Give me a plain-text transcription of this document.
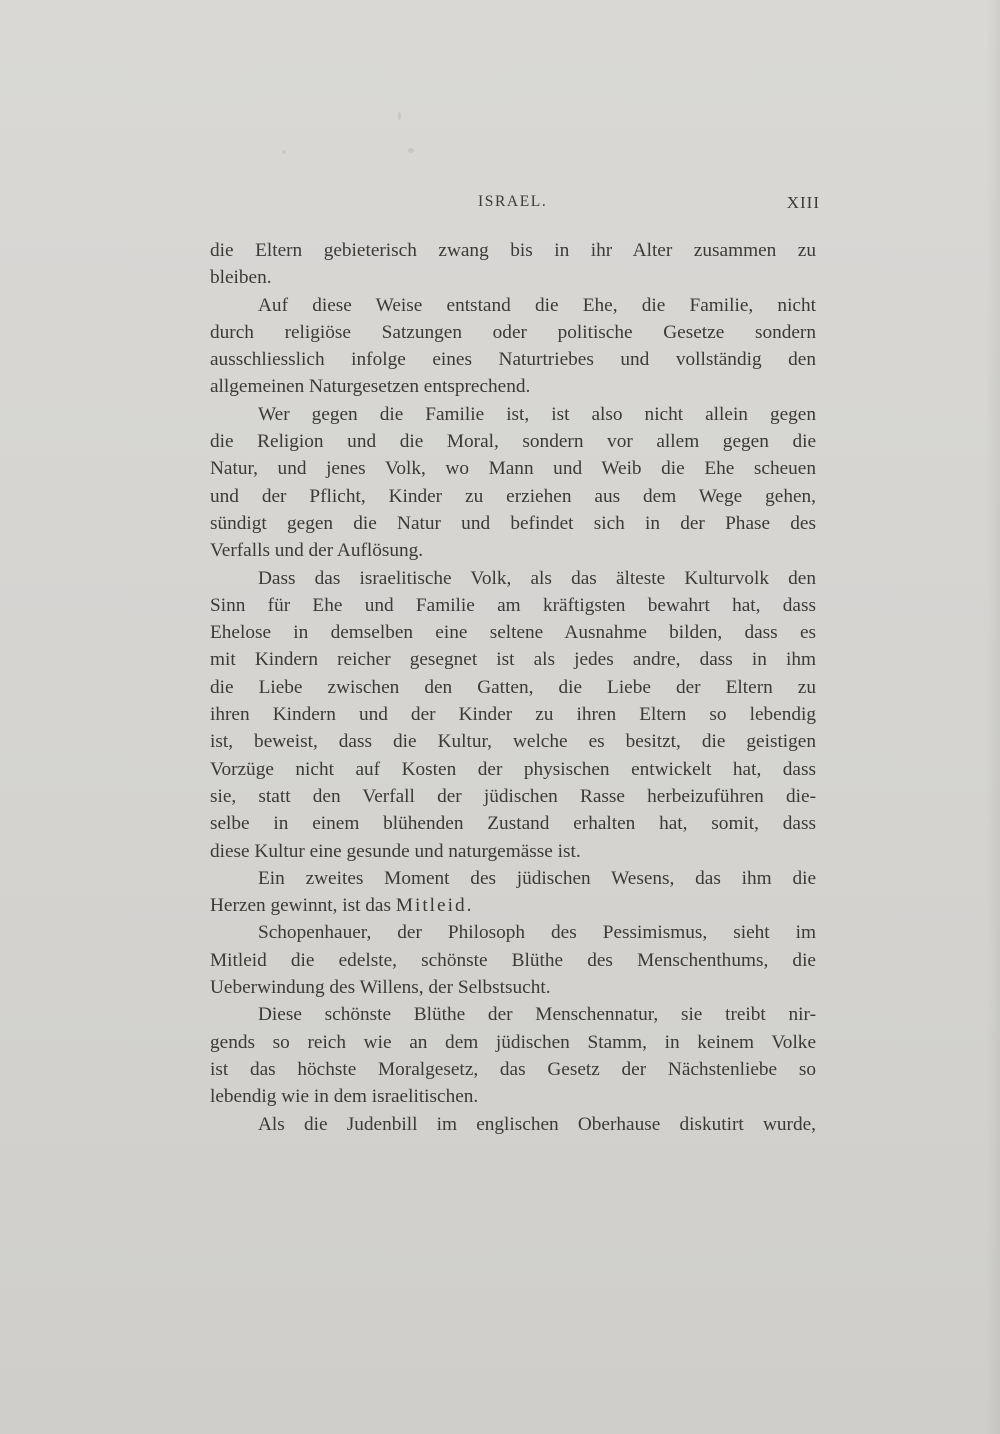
ISRAEL.	XIII
die Eltern gebieterisch zwang bis in ihr Alter zusammen zu
bleiben.
Auf diese Weise entstand die Ehe, die Familie, nicht
durch religiöse Satzungen oder politische Gesetze sondern
ausschliesslich infolge eines Naturtriebes und vollständig den
allgemeinen Naturgesetzen entsprechend.
Wer gegen die Familie ist, ist also nicht allein gegen
die Religion und die Moral, sondern vor allem gegen die
Natur, und jenes Volk, wo Mann und Weib die Ehe scheuen
und der Pflicht, Kinder zu erziehen aus dem Wege gehen,
sündigt gegen die Natur und befindet sich in der Phase des
Verfalls und der Auflösung.
Dass das israelitische Volk, als das älteste Kulturvolk den
Sinn für Ehe und Familie am kräftigsten bewahrt hat, dass
Ehelose in demselben eine seltene Ausnahme bilden, dass es
mit Kindern reicher gesegnet ist als jedes andre, dass in ihm
die Liebe zwischen den Gatten, die Liebe der Eltern zu
ihren Kindern und der Kinder zu ihren Eltern so lebendig
ist, beweist, dass die Kultur, welche es besitzt, die geistigen
Vorzüge nicht auf Kosten der physischen entwickelt hat, dass
sie, statt den Verfall der jüdischen Rasse herbeizuführen die-
selbe in einem blühenden Zustand erhalten hat, somit, dass
diese Kultur eine gesunde und naturgemässe ist.
Ein zweites Moment des jüdischen Wesens, das ihm die
Herzen gewinnt, ist das Mitleid.
Schopenhauer, der Philosoph des Pessimismus, sieht im
Mitleid die edelste, schönste Blüthe des Menschenthums, die
Ueberwindung des Willens, der Selbstsucht.
Diese schönste Blüthe der Menschennatur, sie treibt nir-
gends so reich wie an dem jüdischen Stamm, in keinem Volke
ist das höchste Moralgesetz, das Gesetz der Nächstenliebe so
lebendig wie in dem israelitischen.
Als die Judenbill im englischen Oberhause diskutirt wurde,
